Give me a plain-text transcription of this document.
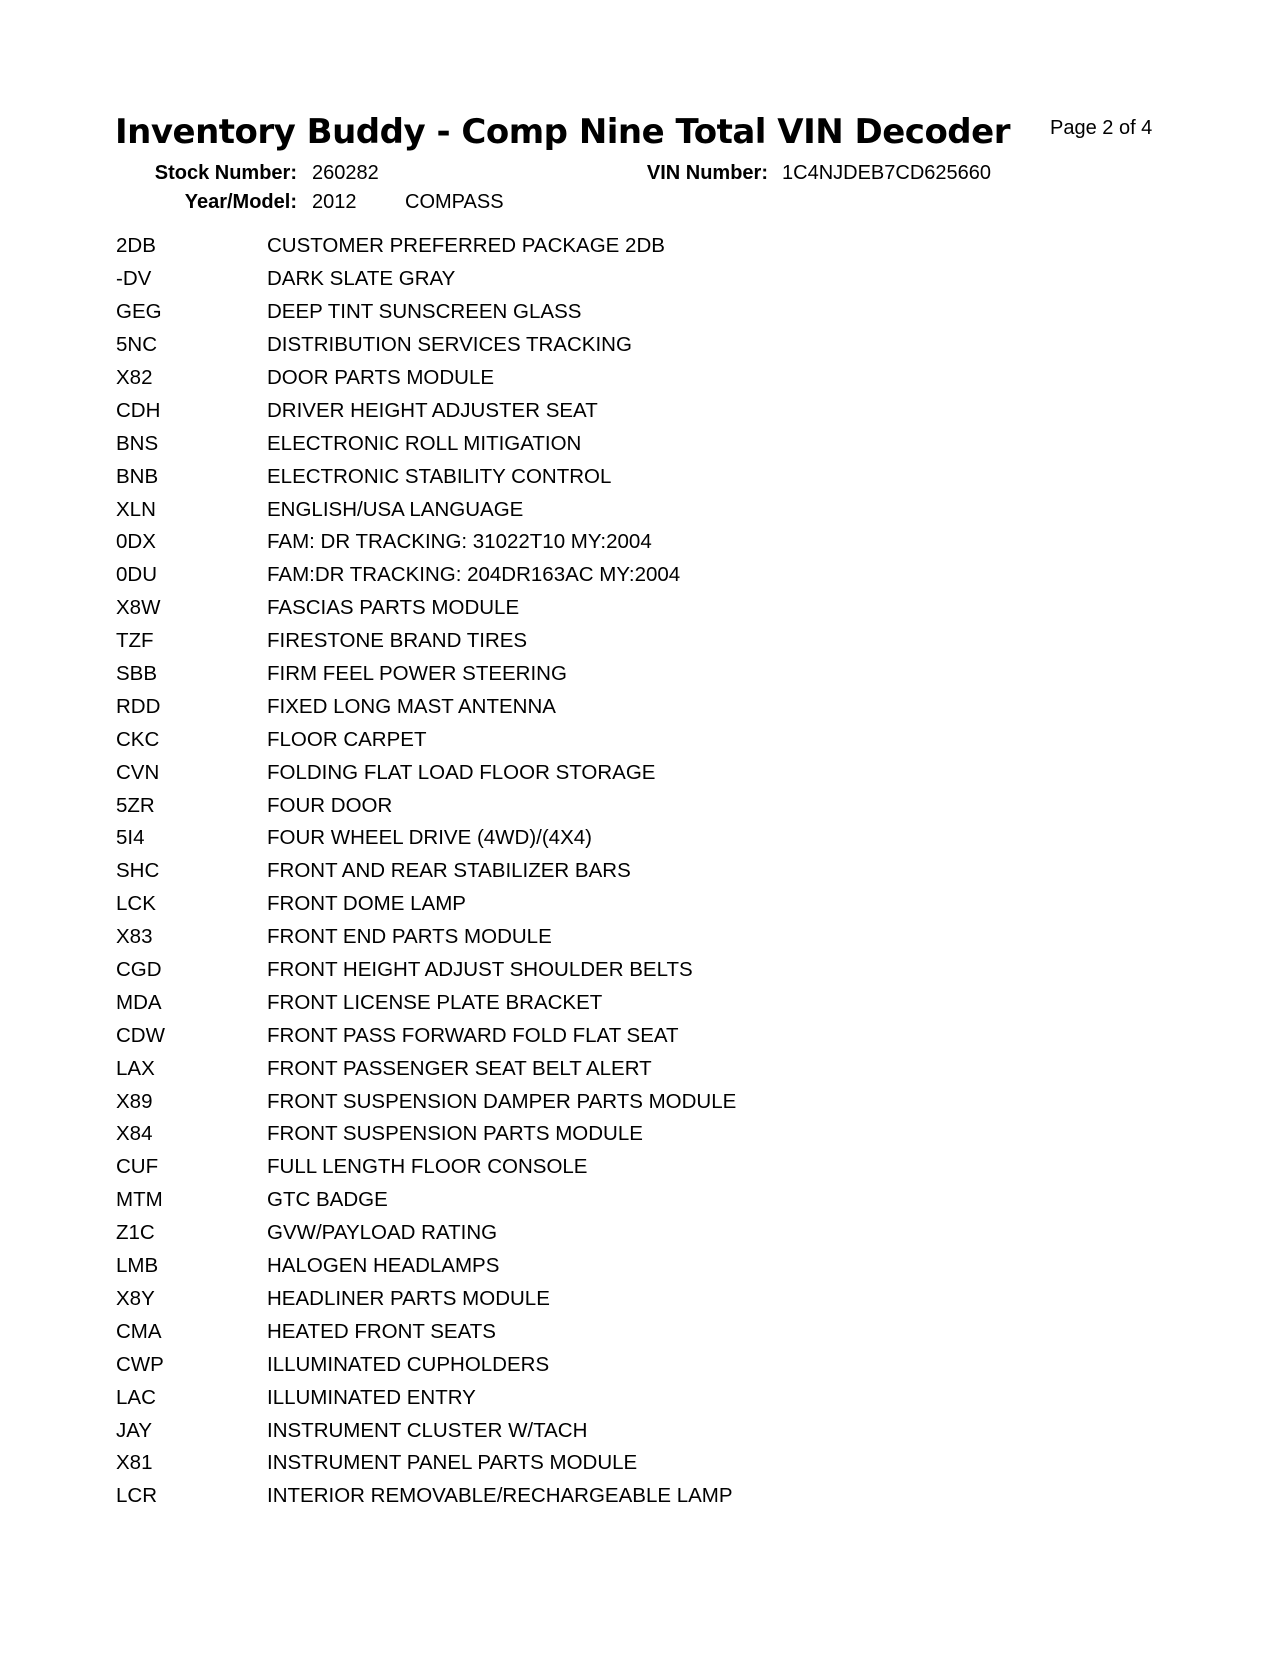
Inventory Buddy - Comp Nine Total VIN Decoder Page 2 of 4
Stock Number: 260282	VIN Number: 1C4NJDEB7CD625660
Year/Model: 2012 COMPASS
2DB	CUSTOMER PREFERRED PACKAGE 2DB
-DV	DARK SLATE GRAY
GEG	DEEP TINT SUNSCREEN GLASS
5NC	DISTRIBUTION SERVICES TRACKING
X82	DOOR PARTS MODULE
CDH	DRIVER HEIGHT ADJUSTER SEAT
BNS	ELECTRONIC ROLL MITIGATION
BNB	ELECTRONIC STABILITY CONTROL
XLN	ENGLISH/USA LANGUAGE
0DX	FAM: DR TRACKING: 31022T10 MY:2004
0DU	FAM:DR TRACKING: 204DR163AC MY:2004
X8W	FASCIAS PARTS MODULE
TZF	FIRESTONE BRAND TIRES
SBB	FIRM FEEL POWER STEERING
RDD	FIXED LONG MAST ANTENNA
CKC	FLOOR CARPET
CVN	FOLDING FLAT LOAD FLOOR STORAGE
5ZR	FOUR DOOR
5I4	FOUR WHEEL DRIVE (4WD)/(4X4)
SHC	FRONT AND REAR STABILIZER BARS
LCK	FRONT DOME LAMP
X83	FRONT END PARTS MODULE
CGD	FRONT HEIGHT ADJUST SHOULDER BELTS
MDA	FRONT LICENSE PLATE BRACKET
CDW	FRONT PASS FORWARD FOLD FLAT SEAT
LAX	FRONT PASSENGER SEAT BELT ALERT
X89	FRONT SUSPENSION DAMPER PARTS MODULE
X84	FRONT SUSPENSION PARTS MODULE
CUF	FULL LENGTH FLOOR CONSOLE
MTM	GTC BADGE
Z1C	GVW/PAYLOAD RATING
LMB	HALOGEN HEADLAMPS
X8Y	HEADLINER PARTS MODULE
CMA	HEATED FRONT SEATS
CWP	ILLUMINATED CUPHOLDERS
LAC	ILLUMINATED ENTRY
JAY	INSTRUMENT CLUSTER W/TACH
X81	INSTRUMENT PANEL PARTS MODULE
LCR	INTERIOR REMOVABLE/RECHARGEABLE LAMP
